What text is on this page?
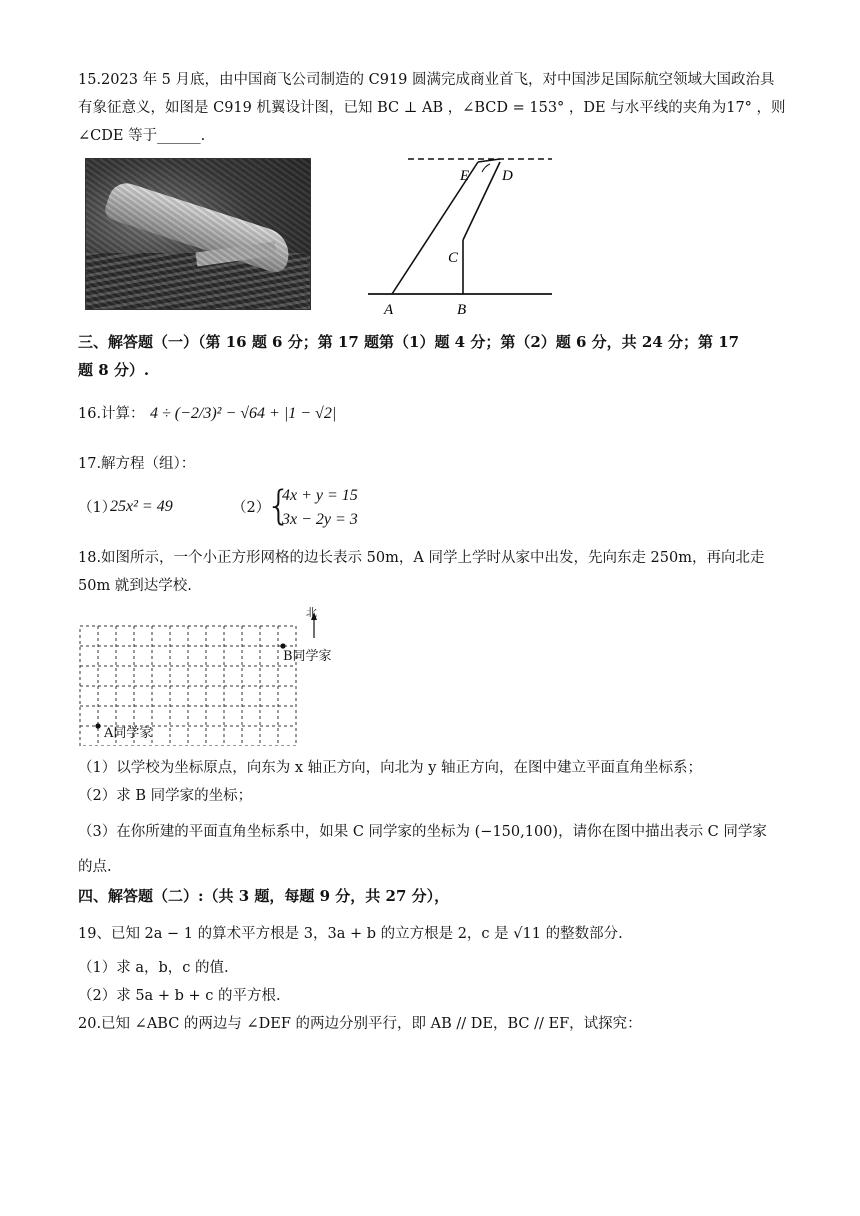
15.2023 年 5 月底，由中国商飞公司制造的 C919 圆满完成商业首飞，对中国涉足国际航空领域大国政治具
有象征意义，如图是 C919 机翼设计图，已知 BC ⊥ AB ，∠BCD = 153° ，DE 与水平线的夹角为17° ，则
∠CDE 等于______.
E D
C
A	B
三、解答题（一）（第 16 题 6 分；第 17 题第（1）题 4 分；第（2）题 6 分，共 24 分；第 17
题 8 分）.
16.计算： 4 ÷ (−2/3)² − √64 + |1 − √2|
17.解方程（组）：
（1）
25x² = 49	（2）
{
4x + y = 15
3x − 2y = 3
18.如图所示，一个小正方形网格的边长表示 50m，A 同学上学时从家中出发，先向东走 250m，再向北走
50m 就到达学校.
北
B同学家
A同学家
（1）以学校为坐标原点，向东为 x 轴正方向，向北为 y 轴正方向，在图中建立平面直角坐标系；
（2）求 B 同学家的坐标；
（3）在你所建的平面直角坐标系中，如果 C 同学家的坐标为 (−150,100)，请你在图中描出表示 C 同学家
的点.
四、解答题（二）:（共 3 题，每题 9 分，共 27 分），
19、已知 2a − 1 的算术平方根是 3，3a + b 的立方根是 2，c 是 √11 的整数部分.
（1）求 a，b，c 的值.
（2）求 5a + b + c 的平方根.
20.已知 ∠ABC 的两边与 ∠DEF 的两边分别平行，即 AB // DE，BC // EF，试探究：
